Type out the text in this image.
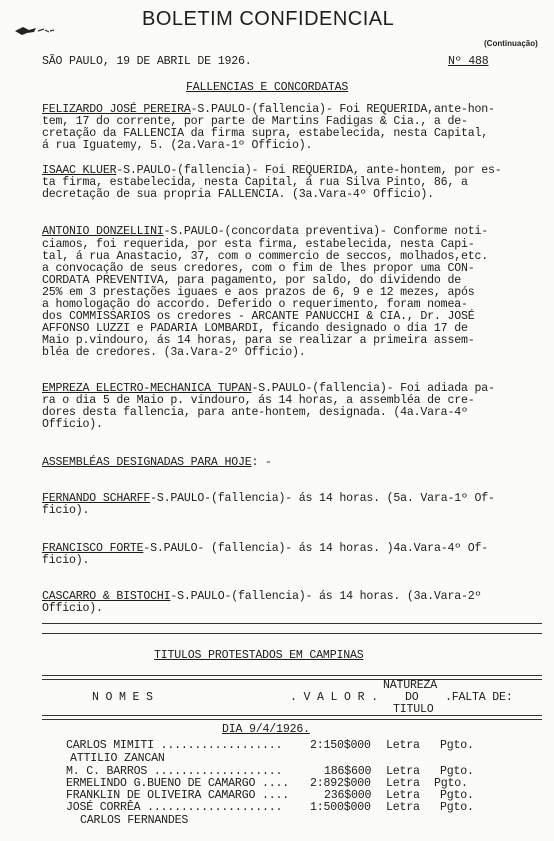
BOLETIM CONFIDENCIAL
(Continuação)
SÃO PAULO, 19 DE ABRIL DE 1926.	Nº 488
FALLENCIAS E CONCORDATAS
FELIZARDO JOSÉ PEREIRA-S.PAULO-(fallencia)- Foi REQUERIDA,ante-hon-
tem, 17 do corrente, por parte de Martins Fadigas & Cia., a de-
cretação da FALLENCIA da firma supra, estabelecida, nesta Capital,
á rua Iguatemy, 5. (2a.Vara-1º Officio).
ISAAC KLUER-S.PAULO-(fallencia)- Foi REQUERIDA, ante-hontem, por es-
ta firma, estabelecida, nesta Capital, á rua Silva Pinto, 86, a
decretação de sua propria FALLENCIA. (3a.Vara-4º Officio).
ANTONIO DONZELLINI-S.PAULO-(concordata preventiva)- Conforme noti-
ciamos, foi requerida, por esta firma, estabelecida, nesta Capi-
tal, á rua Anastacio, 37, com o commercio de seccos, molhados,etc.
a convocação de seus credores, com o fim de lhes propor uma CON-
CORDATA PREVENTIVA, para pagamento, por saldo, do dividendo de
25% em 3 prestações iguaes e aos prazos de 6, 9 e 12 mezes, após
a homologação do accordo. Deferido o requerimento, foram nomea-
dos COMMISSARIOS os credores - ARCANTE PANUCCHI & CIA., Dr. JOSÉ
AFFONSO LUZZI e PADARIA LOMBARDI, ficando designado o dia 17 de
Maio p.vindouro, ás 14 horas, para se realizar a primeira assem-
bléa de credores. (3a.Vara-2º Officio).
EMPREZA ELECTRO-MECHANICA TUPAN-S.PAULO-(fallencia)- Foi adiada pa-
ra o dia 5 de Maio p. vindouro, ás 14 horas, a assembléa de cre-
dores desta fallencia, para ante-hontem, designada. (4a.Vara-4º
Officio).
ASSEMBLÉAS DESIGNADAS PARA HOJE: -
FERNANDO SCHARFF-S.PAULO-(fallencia)- ás 14 horas. (5a. Vara-1º Of-
ficio).
FRANCISCO FORTE-S.PAULO- (fallencia)- ás 14 horas. )4a.Vara-4º Of-
ficio).
CASCARRO & BISTOCHI-S.PAULO-(fallencia)- ás 14 horas. (3a.Vara-2º
Officio).
TITULOS PROTESTADOS EM CAMPINAS
N O M E S	. V A L O R .
NATUREZA
DO
TITULO
.FALTA DE:
DIA 9/4/1926.
CARLOS MIMITI .................. 2:150$000 Letra Pgto.
ATTILIO ZANCAN
M. C. BARROS ...................	186$600 Letra Pgto.
ERMELINDO G.BUENO DE CAMARGO .... 2:892$000 Letra Pgto.
FRANKLIN DE OLIVEIRA CAMARGO ....	236$000 Letra Pgto.
JOSÉ CORRÊA .................... 1:500$000 Letra Pgto.
CARLOS FERNANDES
